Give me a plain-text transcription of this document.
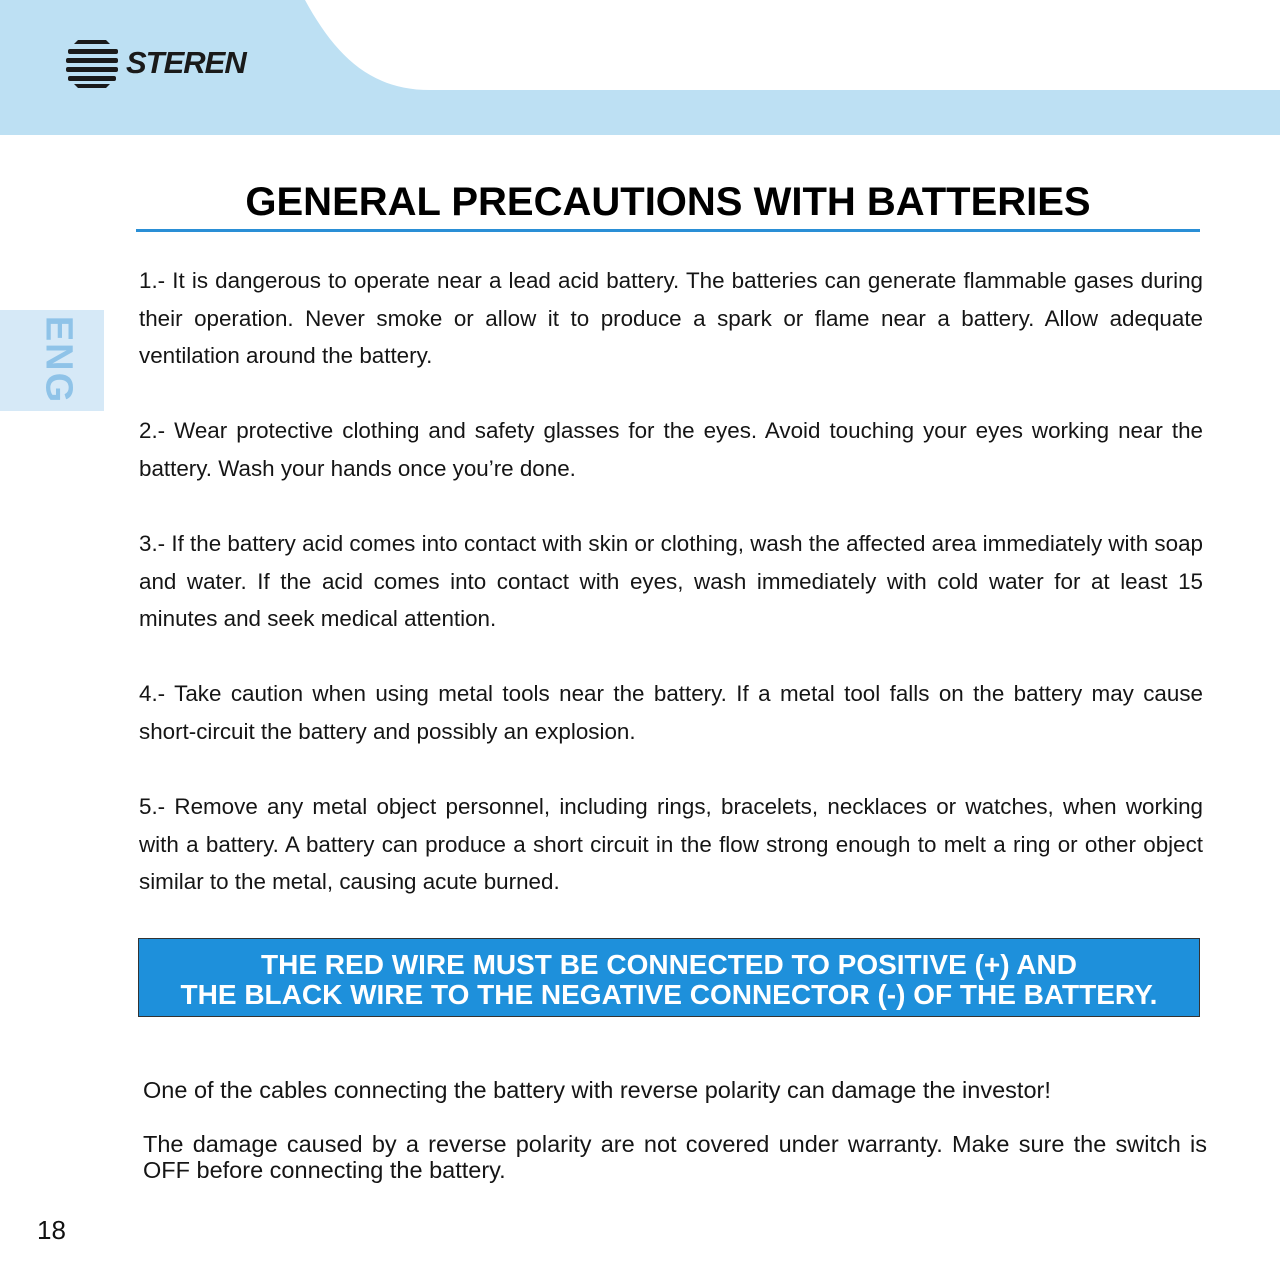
STEREN
ENG
GENERAL PRECAUTIONS WITH BATTERIES

1.- It is dangerous to operate near a lead acid battery. The batteries can generate flammable gases during their operation. Never smoke or allow it to produce a spark or flame near a battery. Allow adequate ventilation around the battery.

2.- Wear protective clothing and safety glasses for the eyes. Avoid touching your eyes working near the battery. Wash your hands once you’re done.

3.- If the battery acid comes into contact with skin or clothing, wash the affected area immediately with soap and water. If the acid comes into contact with eyes, wash immediately with cold water for at least 15 minutes and seek medical attention.

4.- Take caution when using metal tools near the battery. If a metal tool falls on the battery may cause short-circuit the battery and possibly an explosion.

5.- Remove any metal object personnel, including rings, bracelets, necklaces or watches, when working with a battery. A battery can produce a short circuit in the flow strong enough to melt a ring or other object similar to the metal, causing acute burned.

THE RED WIRE MUST BE CONNECTED TO POSITIVE (+) AND
THE BLACK WIRE TO THE NEGATIVE CONNECTOR (-) OF THE BATTERY.

One of the cables connecting the battery with reverse polarity can damage the investor!

The damage caused by a reverse polarity are not covered under warranty. Make sure the switch is OFF before connecting the battery.

18
